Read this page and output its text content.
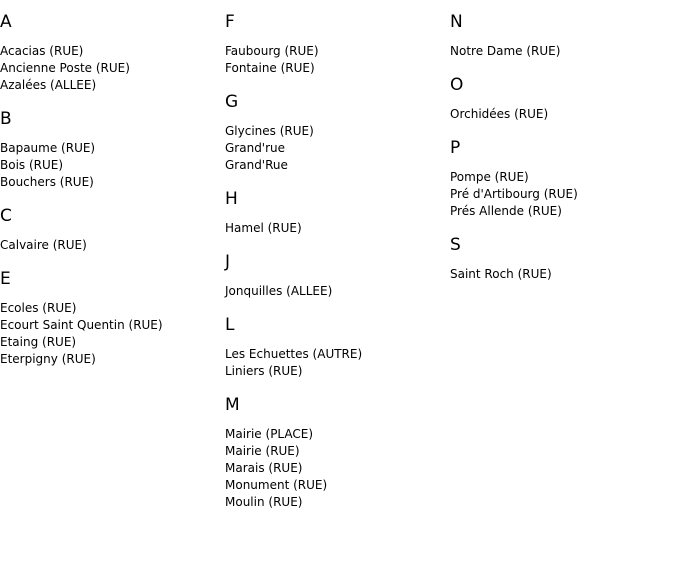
A
Acacias (RUE)
Ancienne Poste (RUE)
Azalées (ALLEE)
B
Bapaume (RUE)
Bois (RUE)
Bouchers (RUE)
C
Calvaire (RUE)
E
Ecoles (RUE)
Ecourt Saint Quentin (RUE)
Etaing (RUE)
Eterpigny (RUE)
F
Faubourg (RUE)
Fontaine (RUE)
G
Glycines (RUE)
Grand'rue
Grand'Rue
H
Hamel (RUE)
J
Jonquilles (ALLEE)
L
Les Echuettes (AUTRE)
Liniers (RUE)
M
Mairie (PLACE)
Mairie (RUE)
Marais (RUE)
Monument (RUE)
Moulin (RUE)
N
Notre Dame (RUE)
O
Orchidées (RUE)
P
Pompe (RUE)
Pré d'Artibourg (RUE)
Prés Allende (RUE)
S
Saint Roch (RUE)
